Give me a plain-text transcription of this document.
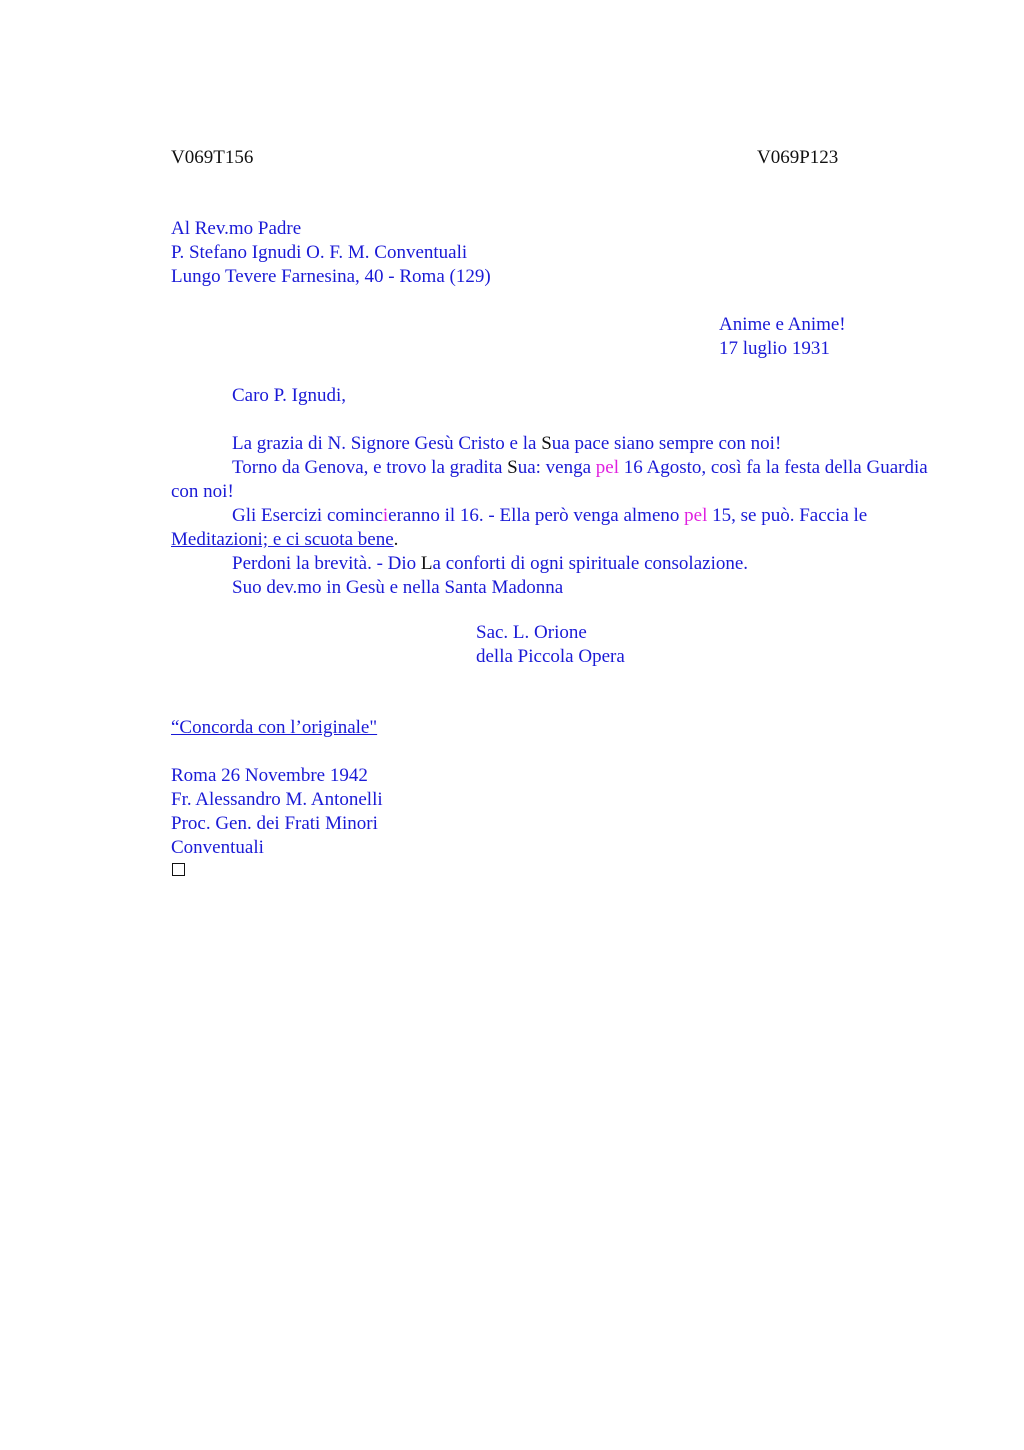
V069T156	V069P123
Al Rev.mo Padre
P. Stefano Ignudi O. F. M. Conventuali
Lungo Tevere Farnesina, 40 - Roma (129)
Anime e Anime!
17 luglio 1931
Caro P. Ignudi,
La grazia di N. Signore Gesù Cristo e la Sua pace siano sempre con noi!
Torno da Genova, e trovo la gradita Sua: venga pel 16 Agosto, così fa la festa della Guardia con noi!
Gli Esercizi comincieranno il 16. - Ella però venga almeno pel 15, se può. Faccia le Meditazioni; e ci scuota bene.
Perdoni la brevità. - Dio La conforti di ogni spirituale consolazione.
Suo dev.mo in Gesù e nella Santa Madonna
Sac. L. Orione
della Piccola Opera
“Concorda con l’originale"
Roma 26 Novembre 1942
Fr. Alessandro M. Antonelli
Proc. Gen. dei Frati Minori
Conventuali
